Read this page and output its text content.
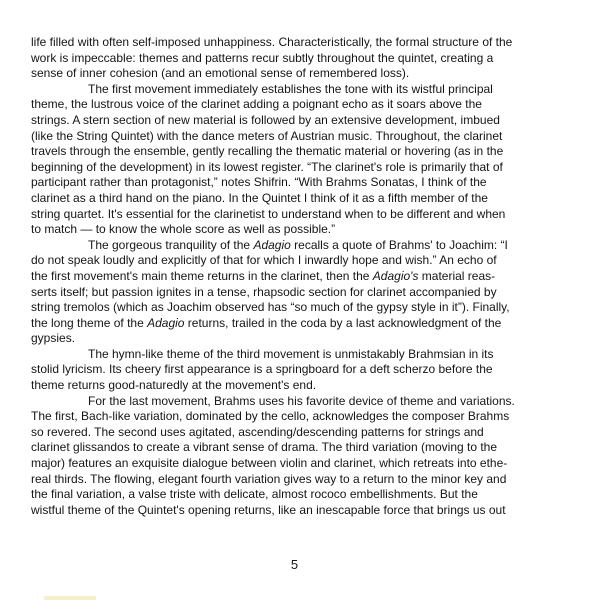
life filled with often self-imposed unhappiness. Characteristically, the formal structure of the
work is impeccable: themes and patterns recur subtly throughout the quintet, creating a
sense of inner cohesion (and an emotional sense of remembered loss).
The first movement immediately establishes the tone with its wistful principal
theme, the lustrous voice of the clarinet adding a poignant echo as it soars above the
strings. A stern section of new material is followed by an extensive development, imbued
(like the String Quintet) with the dance meters of Austrian music. Throughout, the clarinet
travels through the ensemble, gently recalling the thematic material or hovering (as in the
beginning of the development) in its lowest register. “The clarinet's role is primarily that of
participant rather than protagonist,” notes Shifrin. “With Brahms Sonatas, I think of the
clarinet as a third hand on the piano. In the Quintet I think of it as a fifth member of the
string quartet. It's essential for the clarinetist to understand when to be different and when
to match — to know the whole score as well as possible.”
The gorgeous tranquility of the Adagio recalls a quote of Brahms' to Joachim: “I
do not speak loudly and explicitly of that for which I inwardly hope and wish.” An echo of
the first movement's main theme returns in the clarinet, then the Adagio's material reas-
serts itself; but passion ignites in a tense, rhapsodic section for clarinet accompanied by
string tremolos (which as Joachim observed has “so much of the gypsy style in it”). Finally,
the long theme of the Adagio returns, trailed in the coda by a last acknowledgment of the
gypsies.
The hymn-like theme of the third movement is unmistakably Brahmsian in its
stolid lyricism. Its cheery first appearance is a springboard for a deft scherzo before the
theme returns good-naturedly at the movement's end.
For the last movement, Brahms uses his favorite device of theme and variations.
The first, Bach-like variation, dominated by the cello, acknowledges the composer Brahms
so revered. The second uses agitated, ascending/descending patterns for strings and
clarinet glissandos to create a vibrant sense of drama. The third variation (moving to the
major) features an exquisite dialogue between violin and clarinet, which retreats into ethe-
real thirds. The flowing, elegant fourth variation gives way to a return to the minor key and
the final variation, a valse triste with delicate, almost rococo embellishments. But the
wistful theme of the Quintet's opening returns, like an inescapable force that brings us out
5
